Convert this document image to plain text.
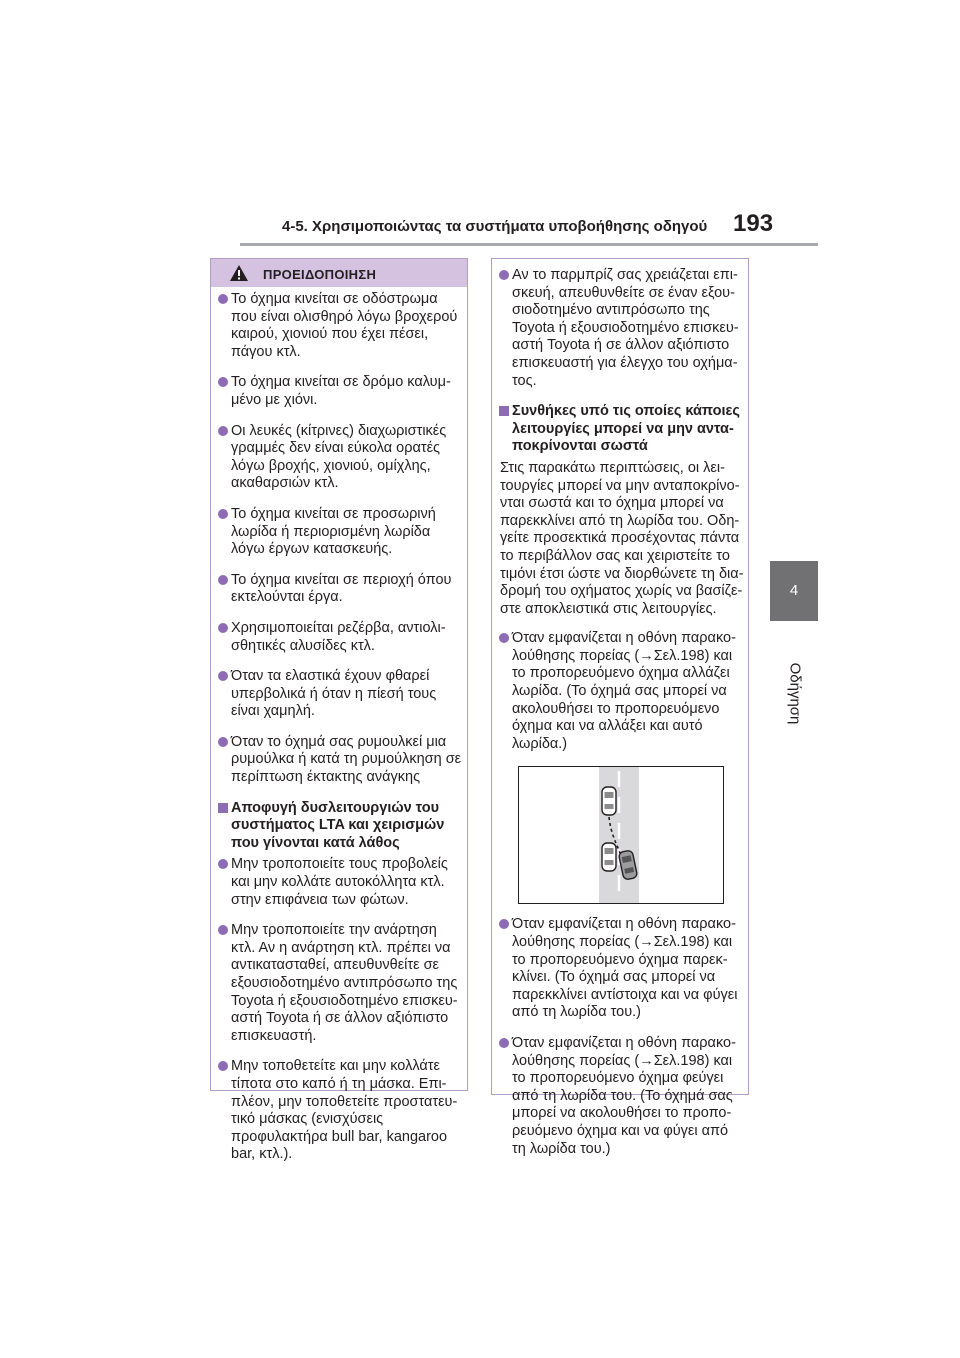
4-5. Χρησιμοποιώντας τα συστήματα υποβοήθησης οδηγού 193
4
Οδήγηση
ΠΡΟΕΙΔΟΠΟΙΗΣΗ
Το όχημα κινείται σε οδόστρωμα
που είναι ολισθηρό λόγω βροχερού
καιρού, χιονιού που έχει πέσει,
πάγου κτλ.
Το όχημα κινείται σε δρόμο καλυμ-
μένο με χιόνι.
Οι λευκές (κίτρινες) διαχωριστικές
γραμμές δεν είναι εύκολα ορατές
λόγω βροχής, χιονιού, ομίχλης,
ακαθαρσιών κτλ.
Το όχημα κινείται σε προσωρινή
λωρίδα ή περιορισμένη λωρίδα
λόγω έργων κατασκευής.
Το όχημα κινείται σε περιοχή όπου
εκτελούνται έργα.
Χρησιμοποιείται ρεζέρβα, αντιολι-
σθητικές αλυσίδες κτλ.
Όταν τα ελαστικά έχουν φθαρεί
υπερβολικά ή όταν η πίεσή τους
είναι χαμηλή.
Όταν το όχημά σας ρυμουλκεί μια
ρυμούλκα ή κατά τη ρυμούλκηση σε
περίπτωση έκτακτης ανάγκης
Αποφυγή δυσλειτουργιών του
συστήματος LTA και χειρισμών
που γίνονται κατά λάθος
Μην τροποποιείτε τους προβολείς
και μην κολλάτε αυτοκόλλητα κτλ.
στην επιφάνεια των φώτων.
Μην τροποποιείτε την ανάρτηση
κτλ. Αν η ανάρτηση κτλ. πρέπει να
αντικατασταθεί, απευθυνθείτε σε
εξουσιοδοτημένο αντιπρόσωπο της
Toyota ή εξουσιοδοτημένο επισκευ-
αστή Toyota ή σε άλλον αξιόπιστο
επισκευαστή.
Μην τοποθετείτε και μην κολλάτε
τίποτα στο καπό ή τη μάσκα. Επι-
πλέον, μην τοποθετείτε προστατευ-
τικό μάσκας (ενισχύσεις
προφυλακτήρα bull bar, kangaroo
bar, κτλ.).
Αν το παρμπρίζ σας χρειάζεται επι-
σκευή, απευθυνθείτε σε έναν εξου-
σιοδοτημένο αντιπρόσωπο της
Toyota ή εξουσιοδοτημένο επισκευ-
αστή Toyota ή σε άλλον αξιόπιστο
επισκευαστή για έλεγχο του οχήμα-
τος.
Συνθήκες υπό τις οποίες κάποιες
λειτουργίες μπορεί να μην αντα-
ποκρίνονται σωστά
Στις παρακάτω περιπτώσεις, οι λει-
τουργίες μπορεί να μην ανταποκρίνο-
νται σωστά και το όχημα μπορεί να
παρεκκλίνει από τη λωρίδα του. Οδη-
γείτε προσεκτικά προσέχοντας πάντα
το περιβάλλον σας και χειριστείτε το
τιμόνι έτσι ώστε να διορθώνετε τη δια-
δρομή του οχήματος χωρίς να βασίζε-
στε αποκλειστικά στις λειτουργίες.
Όταν εμφανίζεται η οθόνη παρακο-
λούθησης πορείας (→Σελ.198) και
το προπορευόμενο όχημα αλλάζει
λωρίδα. (Το όχημά σας μπορεί να
ακολουθήσει το προπορευόμενο
όχημα και να αλλάξει και αυτό
λωρίδα.)
Όταν εμφανίζεται η οθόνη παρακο-
λούθησης πορείας (→Σελ.198) και
το προπορευόμενο όχημα παρεκ-
κλίνει. (Το όχημά σας μπορεί να
παρεκκλίνει αντίστοιχα και να φύγει
από τη λωρίδα του.)
Όταν εμφανίζεται η οθόνη παρακο-
λούθησης πορείας (→Σελ.198) και
το προπορευόμενο όχημα φεύγει
από τη λωρίδα του. (Το όχημά σας
μπορεί να ακολουθήσει το προπο-
ρευόμενο όχημα και να φύγει από
τη λωρίδα του.)
